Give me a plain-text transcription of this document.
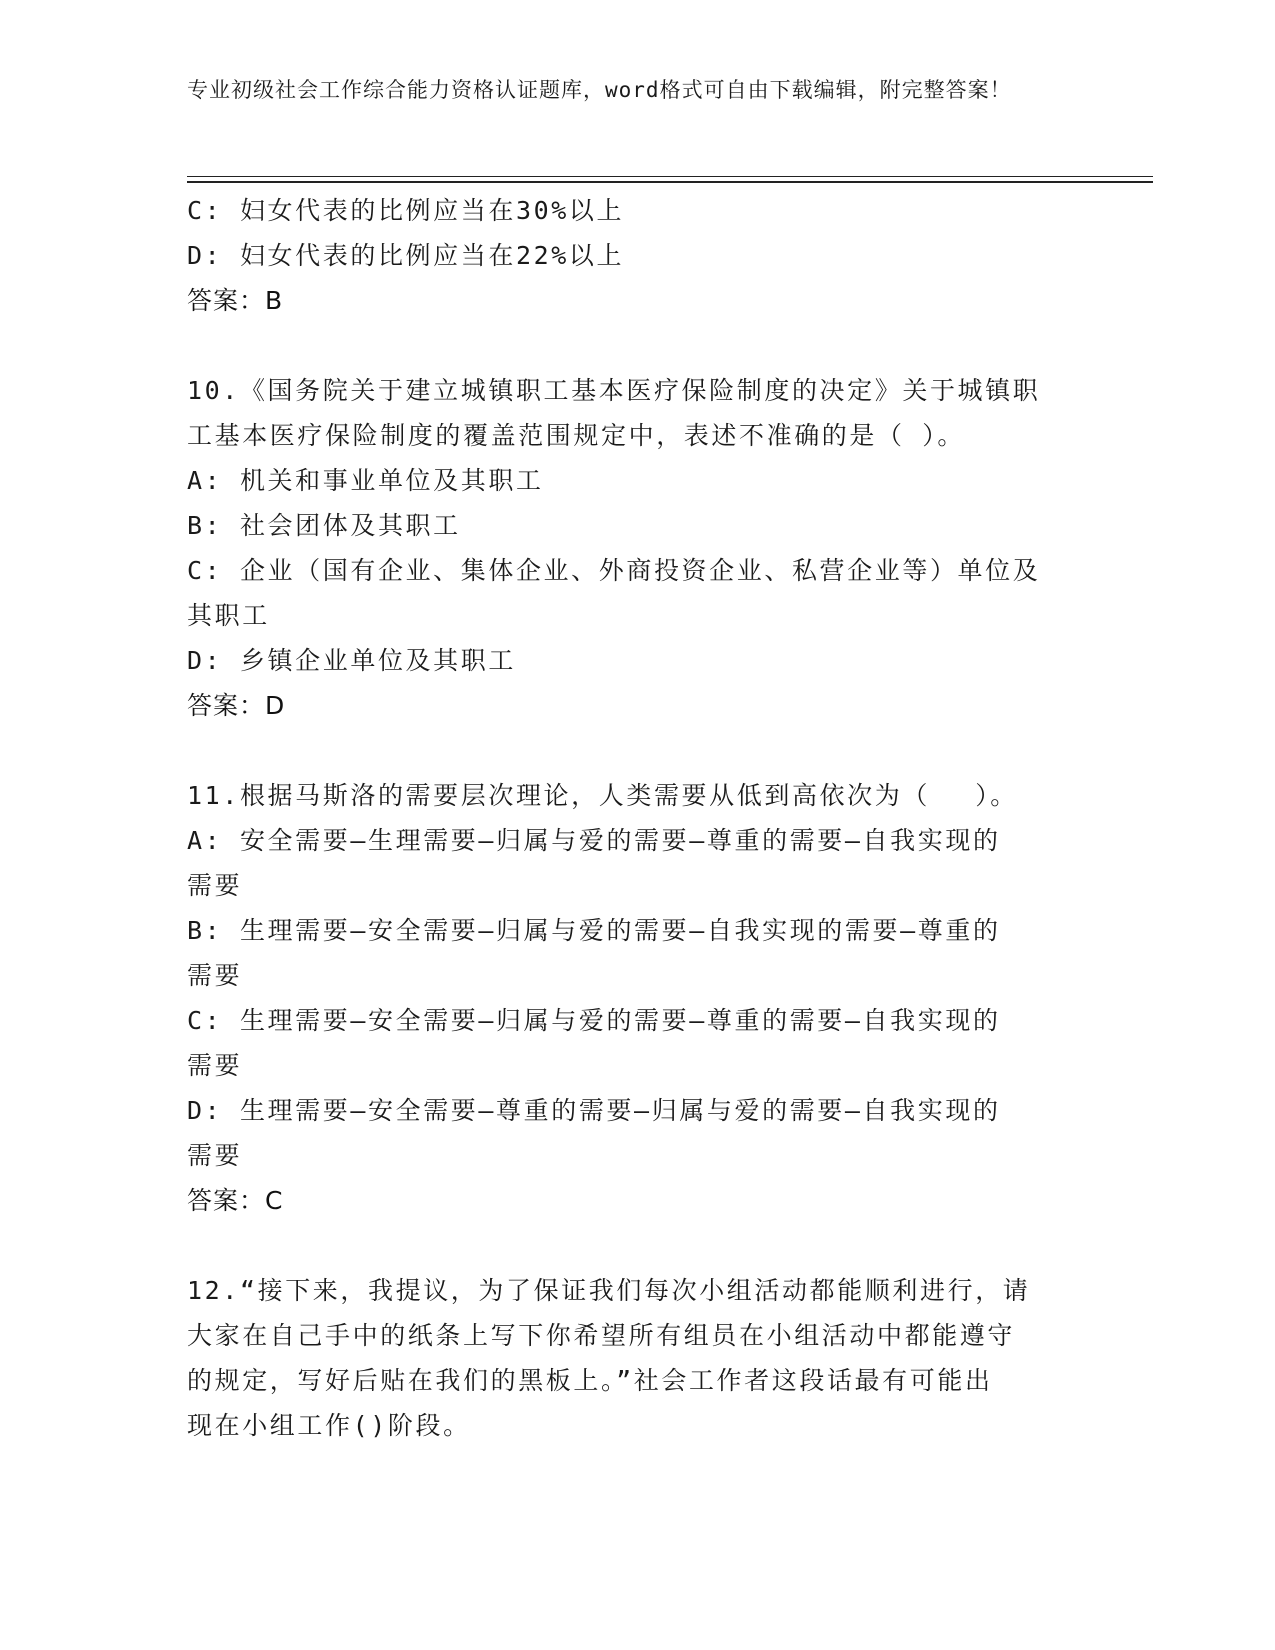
专业初级社会工作综合能力资格认证题库，word格式可自由下载编辑，附完整答案！
C: 妇女代表的比例应当在30%以上
D: 妇女代表的比例应当在22%以上
答案：B
10.《国务院关于建立城镇职工基本医疗保险制度的决定》关于城镇职
工基本医疗保险制度的覆盖范围规定中，表述不准确的是（ ）。
A: 机关和事业单位及其职工
B: 社会团体及其职工
C: 企业（国有企业、集体企业、外商投资企业、私营企业等）单位及
其职工
D: 乡镇企业单位及其职工
答案：D
11.根据马斯洛的需要层次理论，人类需要从低到高依次为（　 ）。
A: 安全需要—生理需要—归属与爱的需要—尊重的需要—自我实现的
需要
B: 生理需要—安全需要—归属与爱的需要—自我实现的需要—尊重的
需要
C: 生理需要—安全需要—归属与爱的需要—尊重的需要—自我实现的
需要
D: 生理需要—安全需要—尊重的需要—归属与爱的需要—自我实现的
需要
答案：C
12.“接下来，我提议，为了保证我们每次小组活动都能顺利进行，请
大家在自己手中的纸条上写下你希望所有组员在小组活动中都能遵守
的规定，写好后贴在我们的黑板上。”社会工作者这段话最有可能出
现在小组工作()阶段。
